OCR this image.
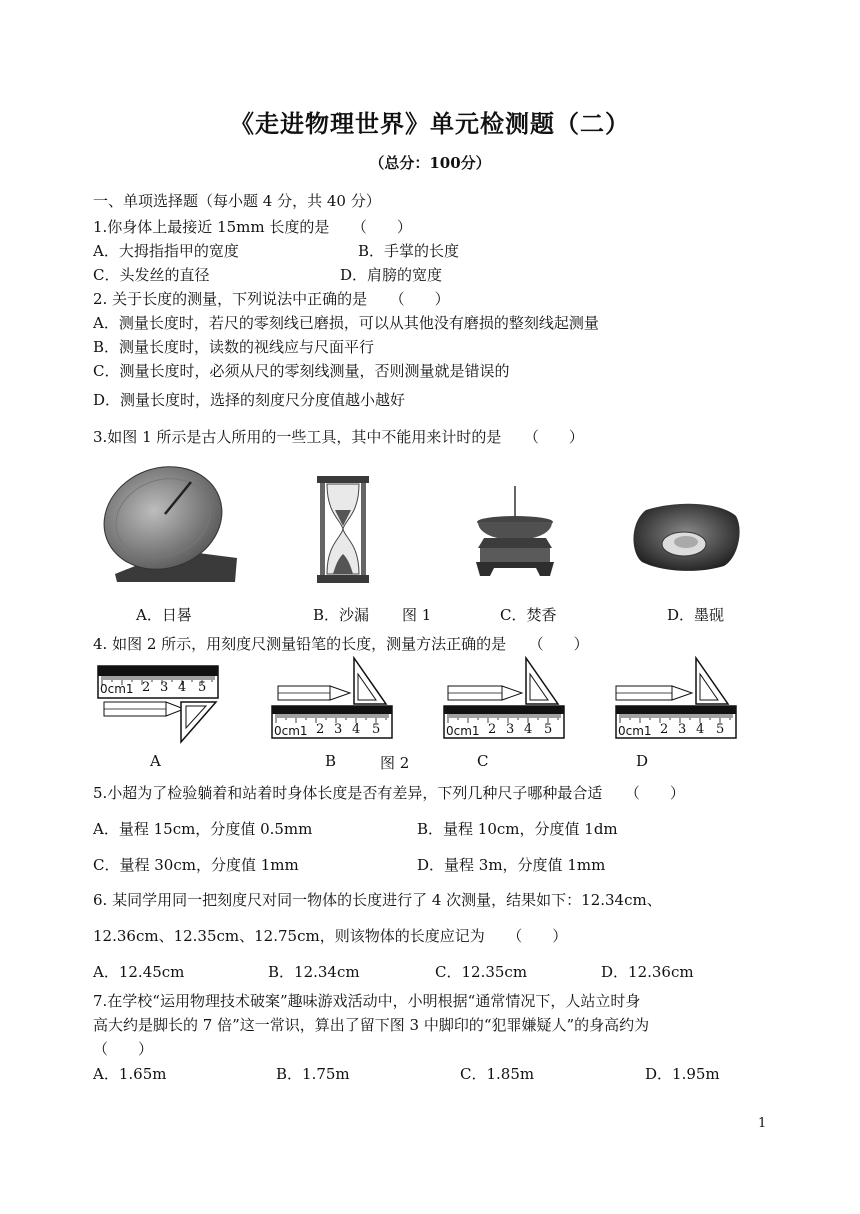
《走进物理世界》单元检测题（二）
（总分：100分）
一、单项选择题（每小题 4 分，共 40 分）
1.你身体上最接近 15mm 长度的是　　（　　）
A．大拇指指甲的宽度	B．手掌的长度
C．头发丝的直径	D．肩膀的宽度
2. 关于长度的测量，下列说法中正确的是　　（　　）
A．测量长度时，若尺的零刻线已磨损，可以从其他没有磨损的整刻线起测量
B．测量长度时，读数的视线应与尺面平行
C．测量长度时，必须从尺的零刻线测量，否则测量就是错误的
D．测量长度时，选择的刻度尺分度值越小越好
3.如图 1 所示是古人所用的一些工具，其中不能用来计时的是　　（　　）
A．日晷	B．沙漏 图 1	C．焚香	D．墨砚
4. 如图 2 所示，用刻度尺测量铅笔的长度，测量方法正确的是　　（　　）
0cm1 2 3 4 5
0cm1 2 3 4 5	0cm1 2 3 4 5	0cm1 2 3 4 5
A	B	图 2	C	D
5.小超为了检验躺着和站着时身体长度是否有差异，下列几种尺子哪种最合适　　（　　）
A．量程 15cm，分度值 0.5mm	B．量程 10cm，分度值 1dm
C．量程 30cm，分度值 1mm	D．量程 3m，分度值 1mm
6. 某同学用同一把刻度尺对同一物体的长度进行了 4 次测量，结果如下：12.34cm、
12.36cm、12.35cm、12.75cm，则该物体的长度应记为　　（　　）
A．12.45cm	B．12.34cm	C．12.35cm	D．12.36cm
7.在学校“运用物理技术破案”趣味游戏活动中，小明根据“通常情况下，人站立时身
高大约是脚长的 7 倍”这一常识，算出了留下图 3 中脚印的“犯罪嫌疑人”的身高约为
（　　）
A．1.65m	B．1.75m	C．1.85m	D．1.95m
1
